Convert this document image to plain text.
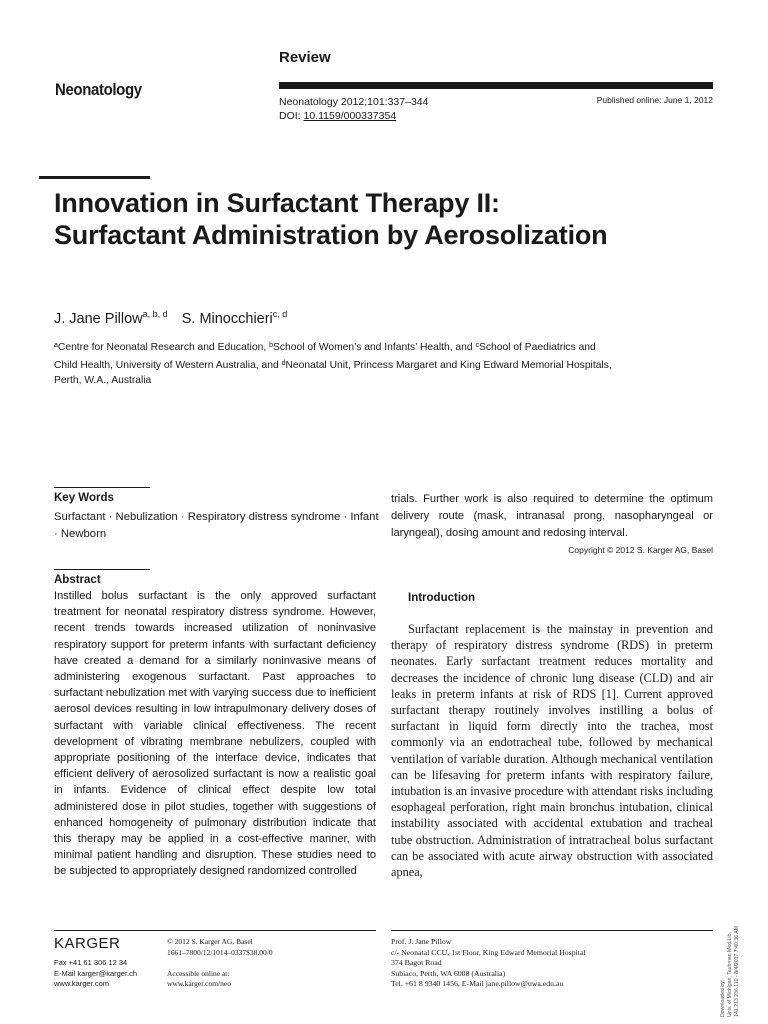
Review
Neonatology
Neonatology 2012;101:337–344
DOI: 10.1159/000337354
Published online: June 1, 2012
Innovation in Surfactant Therapy II: Surfactant Administration by Aerosolization
J. Jane Pillow$^{a, b, d}$ S. Minocchieri$^{c, d}$
$^a$Centre for Neonatal Research and Education, $^b$School of Women’s and Infants’ Health, and $^c$School of Paediatrics and Child Health, University of Western Australia, and $^d$Neonatal Unit, Princess Margaret and King Edward Memorial Hospitals, Perth, W.A., Australia
Key Words
Surfactant · Nebulization · Respiratory distress syndrome · Infant · Newborn
Abstract
Instilled bolus surfactant is the only approved surfactant treatment for neonatal respiratory distress syndrome. However, recent trends towards increased utilization of noninvasive respiratory support for preterm infants with surfactant deficiency have created a demand for a similarly noninvasive means of administering exogenous surfactant. Past approaches to surfactant nebulization met with varying success due to inefficient aerosol devices resulting in low intrapulmonary delivery doses of surfactant with variable clinical effectiveness. The recent development of vibrating membrane nebulizers, coupled with appropriate positioning of the interface device, indicates that efficient delivery of aerosolized surfactant is now a realistic goal in infants. Evidence of clinical effect despite low total administered dose in pilot studies, together with suggestions of enhanced homogeneity of pulmonary distribution indicate that this therapy may be applied in a cost-effective manner, with minimal patient handling and disruption. These studies need to be subjected to appropriately designed randomized controlled
trials. Further work is also required to determine the optimum delivery route (mask, intranasal prong, nasopharyngeal or laryngeal), dosing amount and redosing interval.
Copyright © 2012 S. Karger AG, Basel
Introduction

Surfactant replacement is the mainstay in prevention and therapy of respiratory distress syndrome (RDS) in preterm neonates. Early surfactant treatment reduces mortality and decreases the incidence of chronic lung disease (CLD) and air leaks in preterm infants at risk of RDS [1]. Current approved surfactant therapy routinely involves instilling a bolus of surfactant in liquid form directly into the trachea, most commonly via an endotracheal tube, followed by mechanical ventilation of variable duration. Although mechanical ventilation can be lifesaving for preterm infants with respiratory failure, intubation is an invasive procedure with attendant risks including esophageal perforation, right main bronchus intubation, clinical instability associated with accidental extubation and tracheal tube obstruction. Administration of intratracheal bolus surfactant can be associated with acute airway obstruction with associated apnea,

KARGER
Fax +41 61 306 12 34
E-Mail karger@karger.ch
www.karger.com
© 2012 S. Karger AG, Basel
1661–7800/12/1014–0337$38.00/0
Accessible online at:
www.karger.com/neo
Prof. J. Jane Pillow
c/- Neonatal CCU, 1st Floor, King Edward Memorial Hospital
374 Bagot Road
Subiaco, Perth, WA 6008 (Australia)
Tel. +61 8 9340 1456, E-Mail jane.pillow@uwa.edu.au	Downloaded by: Univ. of Michigan, Taubman Med.Lib. 141.213.236.110 - 8/4/2017 7:40:36 AM
